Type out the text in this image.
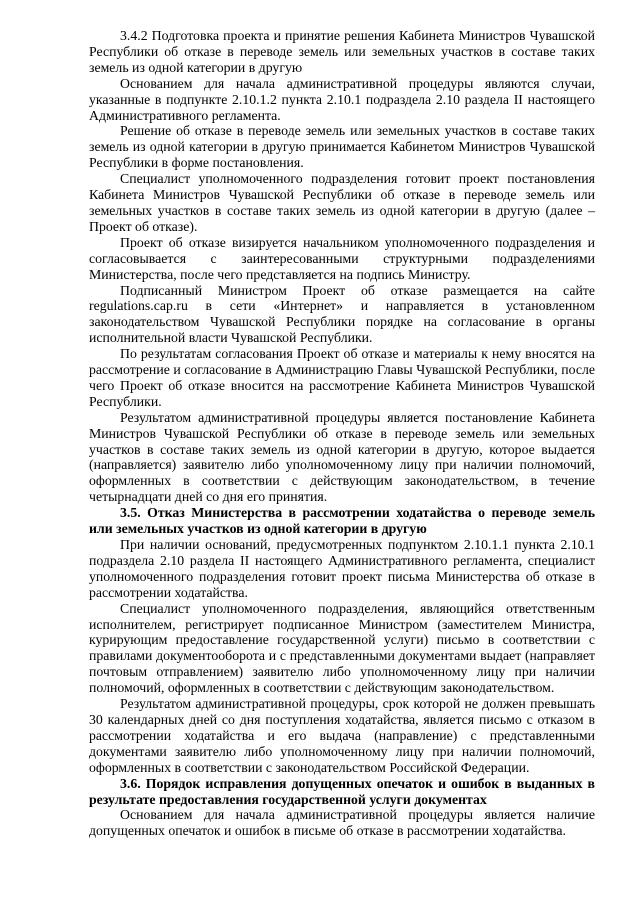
3.4.2 Подготовка проекта и принятие решения Кабинета Министров Чувашской Республики об отказе в переводе земель или земельных участков в составе таких земель из одной категории в другую

Основанием для начала административной процедуры являются случаи, указанные в подпункте 2.10.1.2 пункта 2.10.1 подраздела 2.10 раздела II настоящего Административного регламента.

Решение об отказе в переводе земель или земельных участков в составе таких земель из одной категории в другую принимается Кабинетом Министров Чувашской Республики в форме постановления.

Специалист уполномоченного подразделения готовит проект постановления Кабинета Министров Чувашской Республики об отказе в переводе земель или земельных участков в составе таких земель из одной категории в другую (далее – Проект об отказе).

Проект об отказе визируется начальником уполномоченного подразделения и согласовывается с заинтересованными структурными подразделениями Министерства, после чего представляется на подпись Министру.

Подписанный Министром Проект об отказе размещается на сайте regulations.cap.ru в сети «Интернет» и направляется в установленном законодательством Чувашской Республики порядке на согласование в органы исполнительной власти Чувашской Республики.

По результатам согласования Проект об отказе и материалы к нему вносятся на рассмотрение и согласование в Администрацию Главы Чувашской Республики, после чего Проект об отказе вносится на рассмотрение Кабинета Министров Чувашской Республики.

Результатом административной процедуры является постановление Кабинета Министров Чувашской Республики об отказе в переводе земель или земельных участков в составе таких земель из одной категории в другую, которое выдается (направляется) заявителю либо уполномоченному лицу при наличии полномочий, оформленных в соответствии с действующим законодательством, в течение четырнадцати дней со дня его принятия.

3.5. Отказ Министерства в рассмотрении ходатайства о переводе земель или земельных участков из одной категории в другую

При наличии оснований, предусмотренных подпунктом 2.10.1.1 пункта 2.10.1 подраздела 2.10 раздела II настоящего Административного регламента, специалист уполномоченного подразделения готовит проект письма Министерства об отказе в рассмотрении ходатайства.

Специалист уполномоченного подразделения, являющийся ответственным исполнителем, регистрирует подписанное Министром (заместителем Министра, курирующим предоставление государственной услуги) письмо в соответствии с правилами документооборота и с представленными документами выдает (направляет почтовым отправлением) заявителю либо уполномоченному лицу при наличии полномочий, оформленных в соответствии с действующим законодательством.

Результатом административной процедуры, срок которой не должен превышать 30 календарных дней со дня поступления ходатайства, является письмо с отказом в рассмотрении ходатайства и его выдача (направление) с представленными документами заявителю либо уполномоченному лицу при наличии полномочий, оформленных в соответствии с законодательством Российской Федерации.

3.6. Порядок исправления допущенных опечаток и ошибок в выданных в результате предоставления государственной услуги документах

Основанием для начала административной процедуры является наличие допущенных опечаток и ошибок в письме об отказе в рассмотрении ходатайства.
